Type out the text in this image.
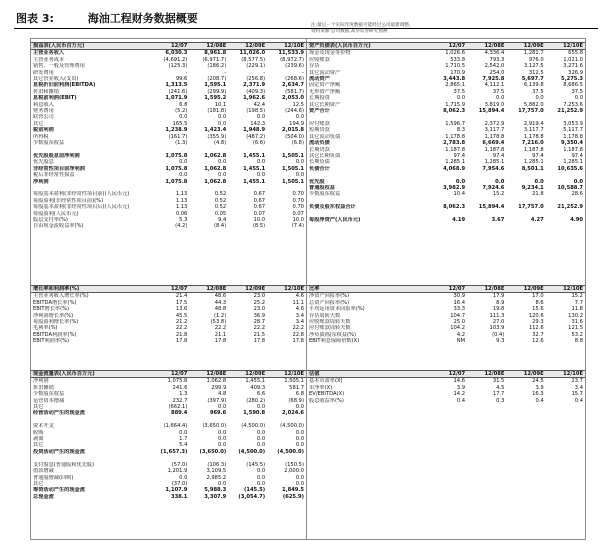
图表 3:	海油工程财务数据概要
损益表(人民币百万元)	12/07	12/08E	12/09E	12/10E
主营业务收入	6,030.3	8,961.8	11,026.0	11,533.9
主营业务成本	(4,691.2)	(6,971.7)	(8,577.5)	(8,972.7)
销售、一般及管理费用	(125.3)	(186.2)	(229.1)	(239.6)
研发费用	-	-	-	-
其它营业收入(支出)	99.6	(208.7)	(256.8)	(268.6)
息税折旧前利润(EBITDA)	1,313.5	1,595.1	2,371.9	2,634.7
折旧和摊销	(241.6)	(299.9)	(409.3)	(581.7)
息税前利润(EBIT)	1,071.9	1,595.2	1,962.6	2,053.0
利息收入	6.8	10.1	42.4	12.5
财务费用	(5.2)	(181.8)	(198.5)	(244.6)
联营公司	0.0	0.0	0.0	0.0
其它	165.5	0.0	142.3	194.9
税前利润	1,238.9	1,423.4	1,948.9	2,015.8
所得税	(161.7)	(355.9)	(487.2)	(504.0)
少数股东权益	(1.3)	(4.8)	(6.6)	(6.8)

优先股股息前净利润	1,075.8	1,062.8	1,455.1	1,505.1
优先股息	0.0	0.0	0.0	0.0
非经常性项目前净利润	1,075.8	1,062.8	1,455.1	1,505.1
税后非经常性损益	0.0	0.0	0.0	0.0
净利润	1,075.8	1,062.8	1,455.1	1,505.1

每股基本盈利(非经常性项目前)(人民币元)	1.13	0.52	0.67	0.70
每股盈利(非经常性项目前)(%)	1.13	0.52	0.67	0.70
每股基本盈利(非经常性项目后)(人民币元)	1.13	0.52	0.67	0.70
每股盈利(人民币元)	0.06	0.05	0.07	0.07
股息支付率(%)	5.3	9.4	10.0	10.0
自由现金流收益率(%)	(4.2)	(8.4)	(8.5)	(7.4)
增长率和利润率(%)	12/07	12/08E	12/09E	12/10E
主营业务收入增长率(%)	21.4	48.6	23.0	4.6
EBITDA增长率(%)	17.5	44.3	25.2	11.1
EBIT增长率(%)	13.6	48.8	23.0	4.6
净利润增长率(%)	45.5	(1.2)	36.9	3.4
每股盈利增长率(%)	21.2	(53.8)	28.7	3.4
毛利率(%)	22.2	22.2	22.2	22.2
EBITDA利润率(%)	21.8	21.1	21.5	22.8
EBIT利润率(%)	17.8	17.8	17.8	17.8
现金流量表(人民币百万元)	12/07	12/08E	12/09E	12/10E
净利润	1,075.8	1,062.8	1,455.1	1,505.1
折旧摊销	241.6	299.9	409.3	581.7
少数股东权益	1.3	4.8	6.6	6.8
运营资本增减	232.7	(397.9)	(280.2)	(68.9)
其它	(662.1)	0.0	0.0	0.0
经营活动产生的现金流	889.4	969.6	1,590.8	2,024.6

资本开支	(1,664.4)	(3,650.0)	(4,500.0)	(4,500.0)
收购	0.0	0.0	0.0	0.0
剥离	1.7	0.0	0.0	0.0
其它	5.4	0.0	0.0	0.0
投资活动产生的现金流	(1,657.3)	(3,650.0)	(4,500.0)	(4,500.0)

支付股息(普通股和优先股)	(57.0)	(106.3)	(145.5)	(150.5)
借款增减	1,201.9	3,109.5	0.0	2,000.0
普通股增减(回购)	0.0	2,985.2	0.0	0.0
其它	(37.0)	0.0	0.0	0.0
筹资活动产生的现金流	1,107.9	5,988.3	(145.5)	1,849.5
总现金流	338.1	3,307.9	(3,054.7)	(625.9)
资产负债表(人民币百万元)	12/07	12/08E	12/09E	12/10E
现金及现金等价物	1,026.6	4,336.4	1,281.7	655.8
应收账款	533.8	793.3	976.0	1,021.0
存货	1,710.5	2,542.0	3,127.5	3,271.6
其它流动资产	170.9	254.0	312.5	326.9
流动资产	3,443.8	7,925.8	5,697.7	5,275.3
固定资产净额	2,865.1	4,112.1	6,139.8	8,686.5
无形资产净额	37.5	37.5	37.5	37.5
长期投资	0.0	0.0	0.0	0.0
其它长期资产	1,715.9	3,819.0	5,882.0	7,253.6
资产合计	8,062.3	15,894.4	17,757.0	21,252.9

应付账款	1,596.7	2,372.9	2,919.4	3,053.9
短期贷款	8.3	3,117.7	3,117.7	5,117.7
其它流动负债	1,178.8	1,178.8	1,178.8	1,178.8
流动负债	2,783.8	6,669.4	7,216.0	9,350.4
长期贷款	1,187.8	1,187.8	1,187.8	1,187.8
其它长期负债	97.4	97.4	97.4	97.4
长期负债	1,285.1	1,285.1	1,285.1	1,285.1
负债合计	4,068.9	7,954.6	8,501.1	10,635.6

优先股	0.0	0.0	0.0	0.0
普通股权益	3,982.9	7,924.6	9,234.1	10,588.7
少数股东权益	10.4	15.2	21.8	28.6

负债及股东权益合计	8,062.3	15,894.4	17,757.0	21,252.9

每股净资产(人民币元)	4.19	3.67	4.27	4.90
比率	12/07	12/08E	12/09E	12/10E
净资产回报率(%)	30.9	17.9	17.0	15.2
总资产回报率(%)	16.4	8.9	8.6	7.7
平均运用资本回报率(%)	33.3	19.8	15.6	11.8
存货周转天数	104.7	111.3	120.6	130.2
应收账款周转天数	25.0	27.0	29.3	31.6
应付账款周转天数	104.2	103.9	112.6	121.5
净负债/股东权益(%)	4.2	(0.4)	32.7	53.2
EBIT利息保障倍数(X)	NM	9.3	12.6	8.8
估值	12/07	12/08E	12/09E	12/10E
基本市盈率(X)	14.6	31.5	24.5	23.7
市净率(X)	3.9	4.5	3.9	3.4
EV/EBITDA(X)	14.2	17.7	16.3	15.7
股息收益率(%)	0.4	0.3	0.4	0.4
注:最后一个实际年度数据可能经过公司最新调整。
资料来源:公司数据,高华证券研究预测
